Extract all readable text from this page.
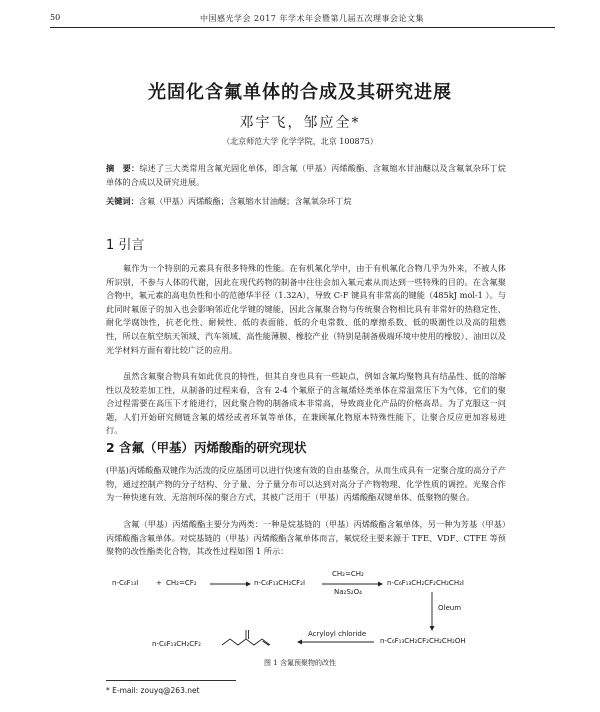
50	中国感光学会 2017 年学术年会暨第几届五次理事会论文集
光固化含氟单体的合成及其研究进展
邓宇飞，邹应全*
（北京师范大学 化学学院，北京 100875）
摘　要：综述了三大类常用含氟光固化单体，即含氟（甲基）丙烯酸酯、含氟缩水甘油醚以及含氟氧杂环丁烷单体的合成以及研究进展。
关键词：含氟（甲基）丙烯酸酯；含氟缩水甘油醚；含氟氧杂环丁烷
1 引言
氟作为一个特别的元素具有很多特殊的性能。在有机氟化学中，由于有机氟化合物几乎为外来，不被人体所识别，不参与人体的代谢，因此在现代药物的制备中往往会加入氟元素从而达到一些特殊的目的。在含氟聚合物中，氟元素的高电负性和小的范德华半径（1.32A），导致 C-F 键具有非常高的键能（485kJ mol-1 ）。与此同时氟原子的加入也会影响邻近化学键的键能，因此含氟聚合物与传统聚合物相比具有非常好的热稳定性、耐化学腐蚀性，抗老化性、耐候性、低的表面能、低的介电常数、低的摩擦系数、低的吸潮性以及高的阻燃性，所以在航空航天领域、汽车领域、高性能薄膜、橡胶产业（特别是制备极端环境中使用的橡胶）、油田以及光学材料方面有着比较广泛的应用。
虽然含氟聚合物具有如此优良的特性，但其自身也具有一些缺点，例如含氟均聚物具有结晶性、低的溶解性以及较差加工性，从制备的过程来看，含有 2-4 个氟原子的含氟烯烃类单体在常温常压下为气体，它们的聚合过程需要在高压下才能进行，因此聚合物的制备成本非常高，导致商业化产品的价格高昂。为了克服这一问题，人们开始研究侧链含氟的烯烃或者环氧等单体，在兼顾氟化物原本特殊性能下，让聚合反应更加容易进行。
2 含氟（甲基）丙烯酸酯的研究现状
(甲基)丙烯酸酯双键作为活泼的反应基团可以进行快速有效的自由基聚合，从而生成具有一定聚合度的高分子产物，通过控制产物的分子结构、分子量、分子量分布可以达到对高分子产物物理、化学性质的调控。光聚合作为一种快速有效、无溶剂环保的聚合方式，其被广泛用于（甲基）丙烯酸酯双键单体、低聚物的聚合。
含氟（甲基）丙烯酸酯主要分为两类：一种是烷基链的（甲基）丙烯酸酯含氟单体，另一种为芳基（甲基）丙烯酸酯含氟单体。对烷基链的（甲基）丙烯酸酯含氟单体而言，氟烷烃主要来源于 TFE、VDF、CTFE 等预聚物的改性酯类化合物，其改性过程如图 1 所示：
n-C₆F₁₃I	+ CH₂=CF₂	n-C₆F₁₃CH₂CF₂I
CH₂=CH₂
Na₂S₂O₄
n-C₆F₁₃CH₂CF₂CH₂CH₂I
Oleum
n-C₆F₁₃CH₂CF₂CH₂CH₂OH
Acryloyl chloride
n-C₆F₁₃CH₂CF₂
图 1 含氟预聚物的改性
* E-mail: zouyq@263.net
